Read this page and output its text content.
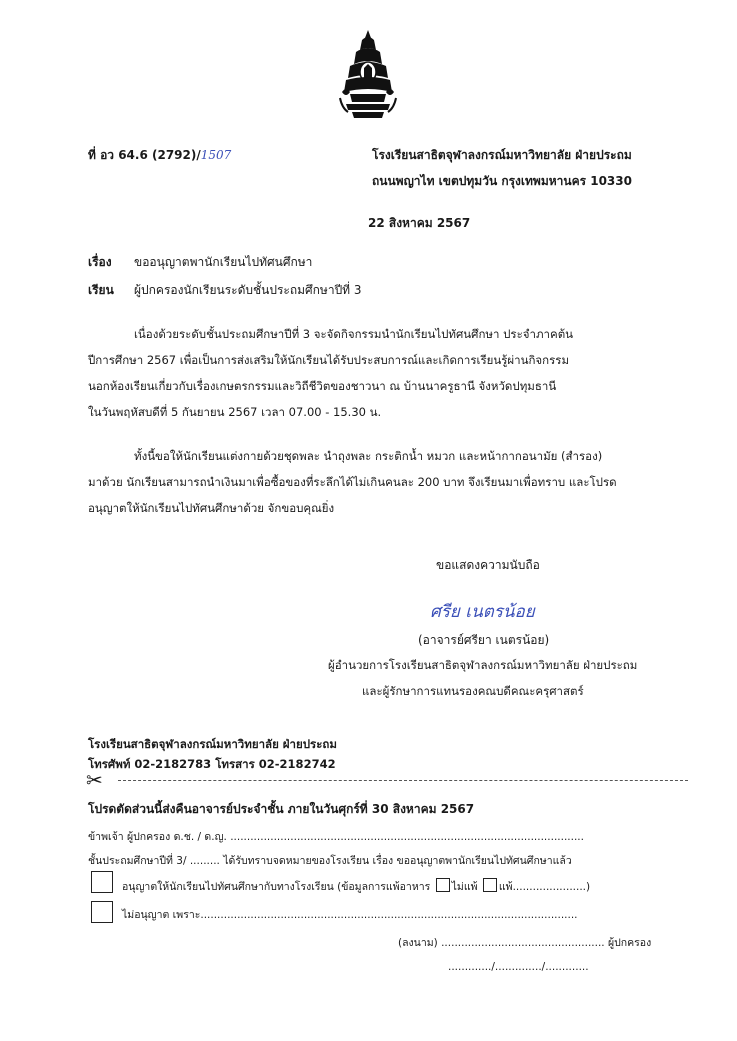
ที่ อว 64.6 (2792)/1507	โรงเรียนสาธิตจุฬาลงกรณ์มหาวิทยาลัย ฝ่ายประถม
ถนนพญาไท เขตปทุมวัน กรุงเทพมหานคร 10330
22 สิงหาคม 2567
เรื่อง ขออนุญาตพานักเรียนไปทัศนศึกษา
เรียน ผู้ปกครองนักเรียนระดับชั้นประถมศึกษาปีที่ 3
เนื่องด้วยระดับชั้นประถมศึกษาปีที่ 3 จะจัดกิจกรรมนำนักเรียนไปทัศนศึกษา ประจำภาคต้น
ปีการศึกษา 2567 เพื่อเป็นการส่งเสริมให้นักเรียนได้รับประสบการณ์และเกิดการเรียนรู้ผ่านกิจกรรม
นอกห้องเรียนเกี่ยวกับเรื่องเกษตรกรรมและวิถีชีวิตของชาวนา ณ บ้านนาครูธานี จังหวัดปทุมธานี
ในวันพฤหัสบดีที่ 5 กันยายน 2567 เวลา 07.00 - 15.30 น.
ทั้งนี้ขอให้นักเรียนแต่งกายด้วยชุดพละ นำถุงพละ กระติกน้ำ หมวก และหน้ากากอนามัย (สำรอง)
มาด้วย นักเรียนสามารถนำเงินมาเพื่อซื้อของที่ระลึกได้ไม่เกินคนละ 200 บาท จึงเรียนมาเพื่อทราบ และโปรด
อนุญาตให้นักเรียนไปทัศนศึกษาด้วย จักขอบคุณยิ่ง
ขอแสดงความนับถือ
ศรีย เนตรน้อย
(อาจารย์ศรียา เนตรน้อย)
ผู้อำนวยการโรงเรียนสาธิตจุฬาลงกรณ์มหาวิทยาลัย ฝ่ายประถม
และผู้รักษาการแทนรองคณบดีคณะครุศาสตร์
โรงเรียนสาธิตจุฬาลงกรณ์มหาวิทยาลัย ฝ่ายประถม
โทรศัพท์ 02-2182783 โทรสาร 02-2182742
✂
โปรดตัดส่วนนี้ส่งคืนอาจารย์ประจำชั้น ภายในวันศุกร์ที่ 30 สิงหาคม 2567
ข้าพเจ้า ผู้ปกครอง ด.ช. / ด.ญ. ..........................................................................................................
ชั้นประถมศึกษาปีที่ 3/ ......... ได้รับทราบจดหมายของโรงเรียน เรื่อง ขออนุญาตพานักเรียนไปทัศนศึกษาแล้ว
อนุญาตให้นักเรียนไปทัศนศึกษากับทางโรงเรียน (ข้อมูลการแพ้อาหาร ไม่แพ้ แพ้......................)
ไม่อนุญาต เพราะ.................................................................................................................
(ลงนาม) ................................................. ผู้ปกครอง
............./............../.............
